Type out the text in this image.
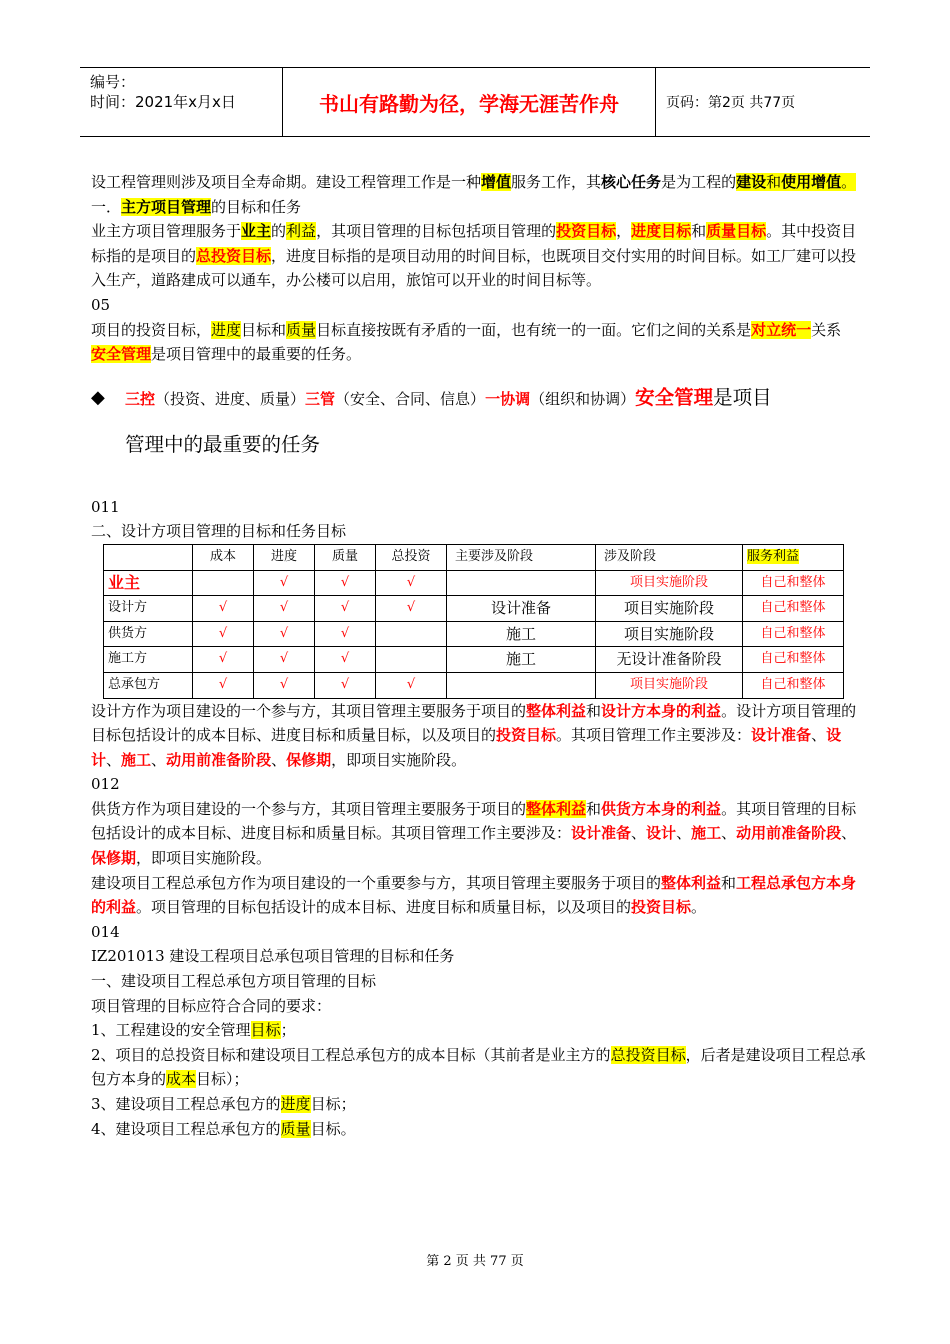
编号：
时间：2021年x月x日	书山有路勤为径，学海无涯苦作舟	页码：第2页 共77页

设工程管理则涉及项目全寿命期。建设工程管理工作是一种增值服务工作，其核心任务是为工程的建设和使用增值。

一．主方项目管理的目标和任务

业主方项目管理服务于业主的利益，其项目管理的目标包括项目管理的投资目标，进度目标和质量目标。其中投资目标指的是项目的总投资目标，进度目标指的是项目动用的时间目标，也既项目交付实用的时间目标。如工厂建可以投入生产，道路建成可以通车，办公楼可以启用，旅馆可以开业的时间目标等。

05

项目的投资目标，进度目标和质量目标直接按既有矛盾的一面，也有统一的一面。它们之间的关系是对立统一关系

安全管理是项目管理中的最重要的任务。

◆	三控（投资、进度、质量）三管（安全、合同、信息）一协调（组织和协调）安全管理是项目
管理中的最重要的任务

011

二、设计方项目管理的目标和任务目标

	成本	进度	质量	总投资	主要涉及阶段	涉及阶段	服务利益
业主		√	√	√		项目实施阶段	自己和整体
设计方	√	√	√	√	设计准备	项目实施阶段	自己和整体
供货方	√	√	√		施工	项目实施阶段	自己和整体
施工方	√	√	√		施工	无设计准备阶段	自己和整体
总承包方	√	√	√	√		项目实施阶段	自己和整体

设计方作为项目建设的一个参与方，其项目管理主要服务于项目的整体利益和设计方本身的利益。设计方项目管理的目标包括设计的成本目标、进度目标和质量目标，以及项目的投资目标。其项目管理工作主要涉及：设计准备、设计、施工、动用前准备阶段、保修期，即项目实施阶段。

012

供货方作为项目建设的一个参与方，其项目管理主要服务于项目的整体利益和供货方本身的利益。其项目管理的目标包括设计的成本目标、进度目标和质量目标。其项目管理工作主要涉及：设计准备、设计、施工、动用前准备阶段、保修期，即项目实施阶段。

建设项目工程总承包方作为项目建设的一个重要参与方，其项目管理主要服务于项目的整体利益和工程总承包方本身的利益。项目管理的目标包括设计的成本目标、进度目标和质量目标，以及项目的投资目标。

014

IZ201013 建设工程项目总承包项目管理的目标和任务

一、建设项目工程总承包方项目管理的目标

项目管理的目标应符合合同的要求：

1、工程建设的安全管理目标；

2、项目的总投资目标和建设项目工程总承包方的成本目标（其前者是业主方的总投资目标，后者是建设项目工程总承包方本身的成本目标）；

3、建设项目工程总承包方的进度目标；

4、建设项目工程总承包方的质量目标。

第 2 页 共 77 页
